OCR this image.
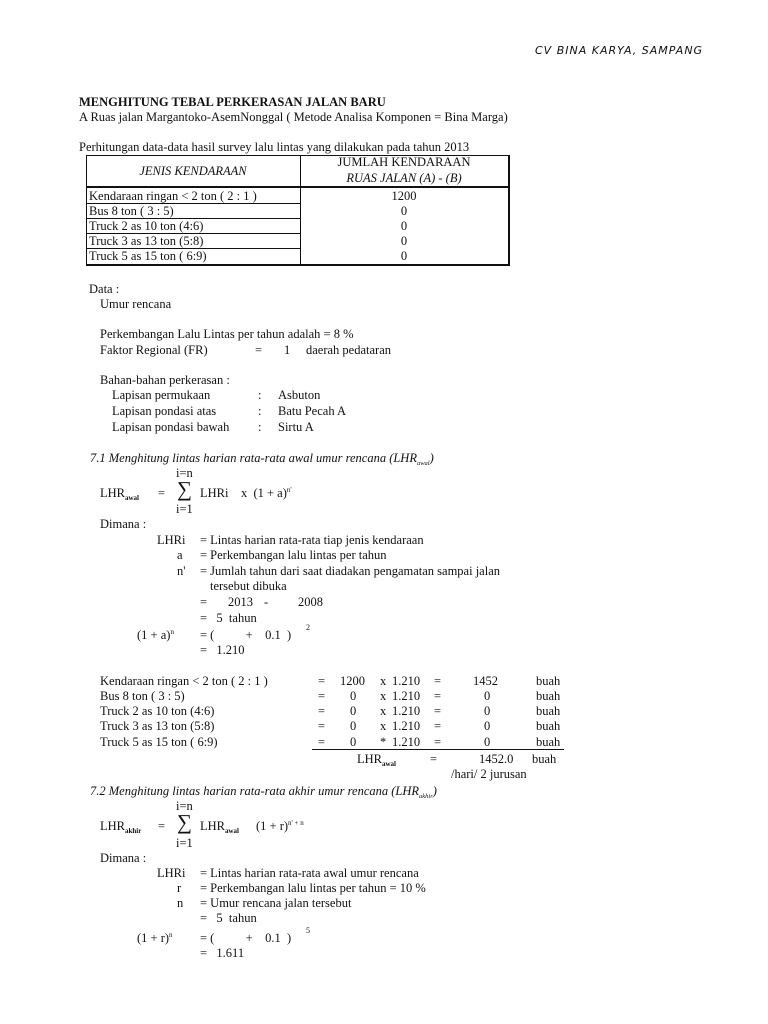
CV BINA KARYA, SAMPANG
MENGHITUNG TEBAL PERKERASAN JALAN BARU
A Ruas jalan Margantoko-AsemNonggal ( Metode Analisa Komponen = Bina Marga)
Perhitungan data-data hasil survey lalu lintas yang dilakukan pada tahun 2013
JENIS KENDARAAN
JUMLAH KENDARAAN
RUAS JALAN (A) - (B)
Kendaraan ringan < 2 ton ( 2 : 1 )	1200
Bus 8 ton ( 3 : 5)	0
Truck 2 as 10 ton (4:6)	0
Truck 3 as 13 ton (5:8)	0
Truck 5 as 15 ton ( 6:9)	0
Data :
Umur rencana
Perkembangan Lalu Lintas per tahun adalah = 8 %
Faktor Regional (FR)	= 1 daerah pedataran
Bahan-bahan perkerasan :
Lapisan permukaan	: Asbuton
Lapisan pondasi atas	: Batu Pecah A
Lapisan pondasi bawah : Sirtu A
7.1 Menghitung lintas harian rata-rata awal umur rencana $(LHR_{awal})$
i=n
$LHR_{awal}$ = ∑ LHRi    x  $(1 + a)^{n'}$
i=1
Dimana :
LHRi = Lintas harian rata-rata tiap jenis kendaraan
a = Perkembangan lalu lintas per tahun
n' = Jumlah tahun dari saat diadakan pengamatan sampai jalan
tersebut dibuka
= 2013 - 2008
=   5  tahun
$(1 + a)^n$ = (          +    0.1  )
2
=   1.210
Kendaraan ringan < 2 ton ( 2 : 1 )	= 1200 x 1.210 =	1452	buah
Bus 8 ton ( 3 : 5)	= 0 x 1.210 =	0	buah
Truck 2 as 10 ton (4:6)	= 0 x 1.210 =	0	buah
Truck 3 as 13 ton (5:8)	= 0 x 1.210 =	0	buah
Truck 5 as 15 ton ( 6:9)	= 0 * 1.210 =	0	buah
$LHR_{awal}$	=	1452.0 buah
/hari/ 2 jurusan
7.2 Menghitung lintas harian rata-rata akhir umur rencana $(LHR_{akhir})$
i=n
$LHR_{akhir}$ = ∑ $LHR_{awal}$ $(1 + r)^{n' + n}$
i=1
Dimana :
LHRi = Lintas harian rata-rata awal umur rencana
r = Perkembangan lalu lintas per tahun = 10 %
n = Umur rencana jalan tersebut
=   5  tahun
$(1 + r)^n$ = (          +    0.1  )
5
=   1.611
